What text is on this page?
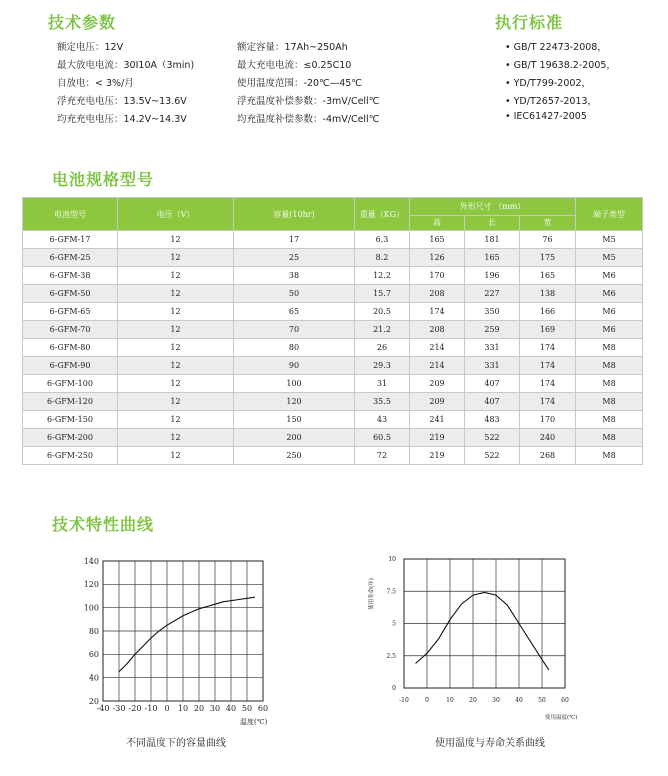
技术参数	执行标准
额定电压：12V
最大放电电流：30I10A（3min)
自放电：< 3%/月
浮充充电电压：13.5V~13.6V
均充充电电压：14.2V~14.3V
额定容量：17Ah~250Ah
最大充电电流：≤0.25C10
使用温度范围：-20℃—45℃
浮充温度补偿参数：-3mV/Cell℃
均充温度补偿参数：-4mV/Cell℃
• GB/T 22473-2008，
• GB/T 19638.2-2005，
• YD/T799-2002，
• YD/T2657-2013，
• IEC61427-2005
电池规格型号
电池型号	电压（V）	容量(10hr)	重量（KG）	外形尺寸 （mm）			端子类型
				高	长	宽	
6-GFM-17	12	17	6.3	165	181	76	M5
6-GFM-25	12	25	8.2	126	165	175	M5
6-GFM-38	12	38	12.2	170	196	165	M6
6-GFM-50	12	50	15.7	208	227	138	M6
6-GFM-65	12	65	20.5	174	350	166	M6
6-GFM-70	12	70	21.2	208	259	169	M6
6-GFM-80	12	80	26	214	331	174	M8
6-GFM-90	12	90	29.3	214	331	174	M8
6-GFM-100	12	100	31	209	407	174	M8
6-GFM-120	12	120	35.5	209	407	174	M8
6-GFM-150	12	150	43	241	483	170	M8
6-GFM-200	12	200	60.5	219	522	240	M8
6-GFM-250	12	250	72	219	522	268	M8
技术特性曲线
-40 -30 -20 -10 0 10 20 30 40 50 60
20
40
60
80
100
120
140
温度(℃)
-10	0	10	20	30	40	50	60
0
2.5
5
7.5
10
使用温度(℃)
使用寿命(年)
不同温度下的容量曲线	使用温度与寿命关系曲线
